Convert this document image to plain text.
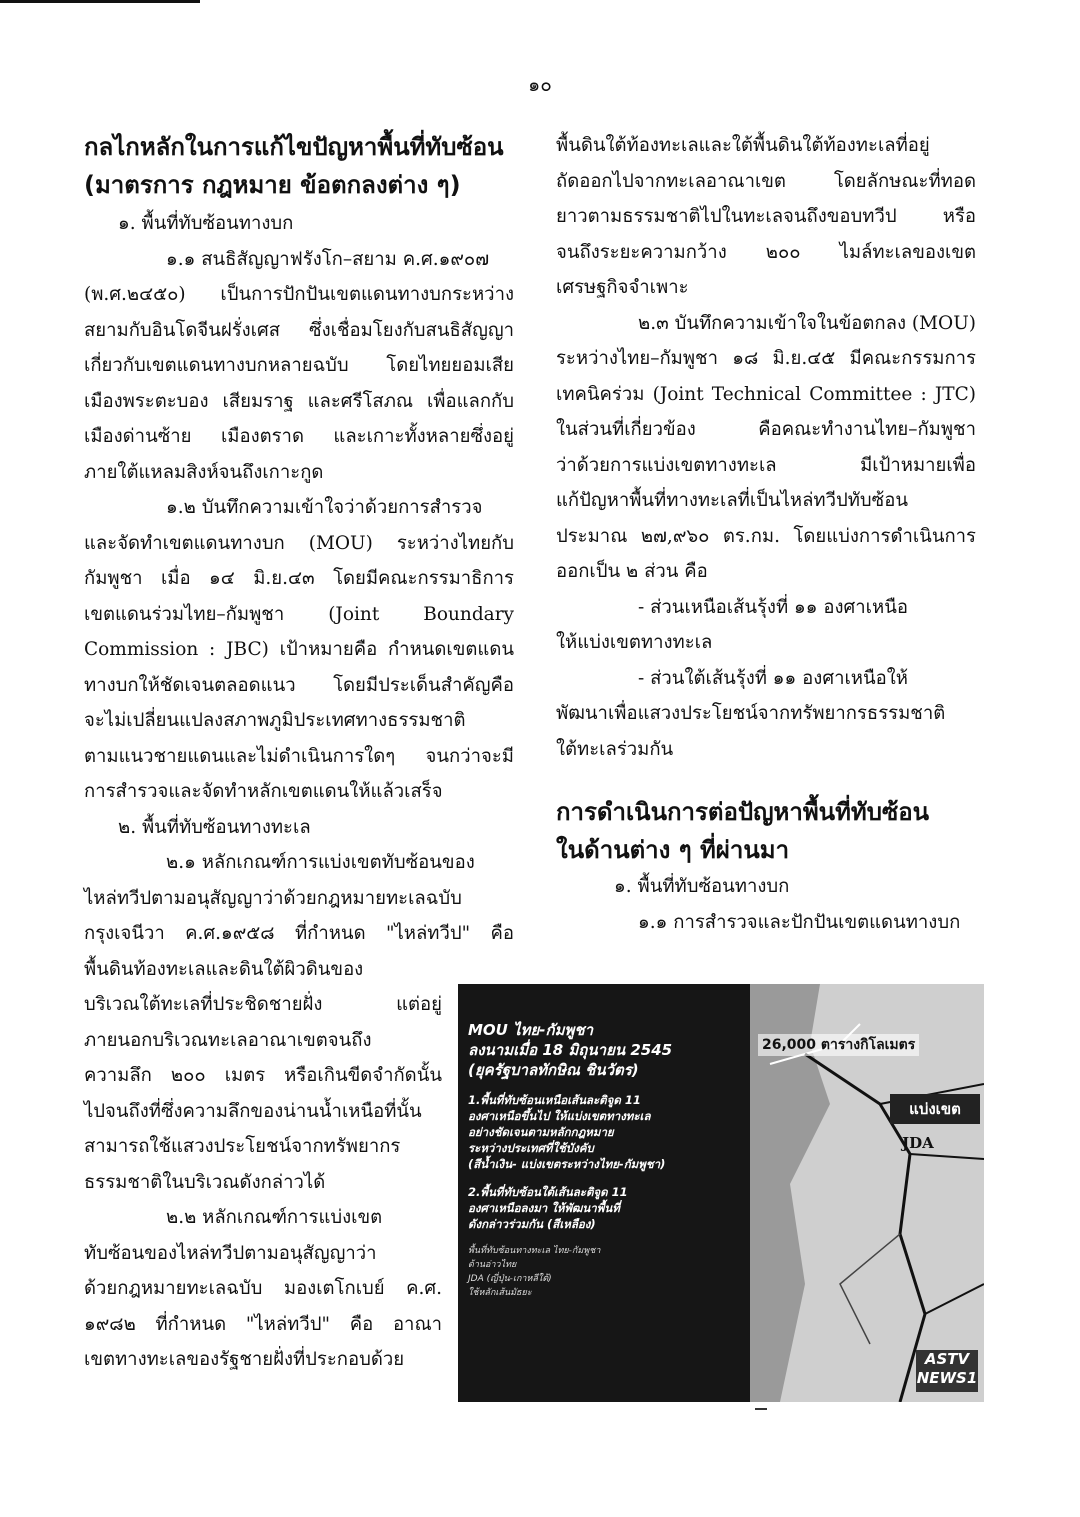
๑๐
กลไกหลักในการแก้ไขปัญหาพื้นที่ทับซ้อน
(มาตรการ กฎหมาย ข้อตกลงต่าง ๆ)
๑. พื้นที่ทับซ้อนทางบก
๑.๑ สนธิสัญญาฟรังโก–สยาม ค.ศ.๑๙๐๗
(พ.ศ.๒๔๕๐) เป็นการปักปันเขตแดนทางบกระหว่าง
สยามกับอินโดจีนฝรั่งเศส ซึ่งเชื่อมโยงกับสนธิสัญญา
เกี่ยวกับเขตแดนทางบกหลายฉบับ โดยไทยยอมเสีย
เมืองพระตะบอง เสียมราฐ และศรีโสภณ เพื่อแลกกับ
เมืองด่านซ้าย เมืองตราด และเกาะทั้งหลายซึ่งอยู่
ภายใต้แหลมสิงห์จนถึงเกาะกูด
๑.๒ บันทึกความเข้าใจว่าด้วยการสำรวจ
และจัดทำเขตแดนทางบก (MOU) ระหว่างไทยกับ
กัมพูชา เมื่อ ๑๔ มิ.ย.๔๓ โดยมีคณะกรรมาธิการ
เขตแดนร่วมไทย–กัมพูชา (Joint Boundary
Commission : JBC) เป้าหมายคือ กำหนดเขตแดน
ทางบกให้ชัดเจนตลอดแนว โดยมีประเด็นสำคัญคือ
จะไม่เปลี่ยนแปลงสภาพภูมิประเทศทางธรรมชาติ
ตามแนวชายแดนและไม่ดำเนินการใดๆ จนกว่าจะมี
การสำรวจและจัดทำหลักเขตแดนให้แล้วเสร็จ
๒. พื้นที่ทับซ้อนทางทะเล
๒.๑ หลักเกณฑ์การแบ่งเขตทับซ้อนของ
ไหล่ทวีปตามอนุสัญญาว่าด้วยกฎหมายทะเลฉบับ
กรุงเจนีวา ค.ศ.๑๙๕๘ ที่กำหนด "ไหล่ทวีป" คือ
พื้นดินท้องทะเลและดินใต้ผิวดินของ
บริเวณใต้ทะเลที่ประชิดชายฝั่ง แต่อยู่
ภายนอกบริเวณทะเลอาณาเขตจนถึง
ความลึก ๒๐๐ เมตร หรือเกินขีดจำกัดนั้น
ไปจนถึงที่ซึ่งความลึกของน่านน้ำเหนือที่นั้น
สามารถใช้แสวงประโยชน์จากทรัพยากร
ธรรมชาติในบริเวณดังกล่าวได้
๒.๒ หลักเกณฑ์การแบ่งเขต
ทับซ้อนของไหล่ทวีปตามอนุสัญญาว่า
ด้วยกฎหมายทะเลฉบับ มองเตโกเบย์ ค.ศ.
๑๙๘๒ ที่กำหนด "ไหล่ทวีป" คือ อาณา
เขตทางทะเลของรัฐชายฝั่งที่ประกอบด้วย
พื้นดินใต้ท้องทะเลและใต้พื้นดินใต้ท้องทะเลที่อยู่
ถัดออกไปจากทะเลอาณาเขต โดยลักษณะที่ทอด
ยาวตามธรรมชาติไปในทะเลจนถึงขอบทวีป หรือ
จนถึงระยะความกว้าง ๒๐๐ ไมล์ทะเลของเขต
เศรษฐกิจจำเพาะ
๒.๓ บันทึกความเข้าใจในข้อตกลง (MOU)
ระหว่างไทย–กัมพูชา ๑๘ มิ.ย.๔๕ มีคณะกรรมการ
เทคนิคร่วม (Joint Technical Committee : JTC)
ในส่วนที่เกี่ยวข้อง คือคณะทำงานไทย–กัมพูชา
ว่าด้วยการแบ่งเขตทางทะเล มีเป้าหมายเพื่อ
แก้ปัญหาพื้นที่ทางทะเลที่เป็นไหล่ทวีปทับซ้อน
ประมาณ ๒๗,๙๖๐ ตร.กม. โดยแบ่งการดำเนินการ
ออกเป็น ๒ ส่วน คือ
- ส่วนเหนือเส้นรุ้งที่ ๑๑ องศาเหนือ
ให้แบ่งเขตทางทะเล
- ส่วนใต้เส้นรุ้งที่ ๑๑ องศาเหนือให้
พัฒนาเพื่อแสวงประโยชน์จากทรัพยากรธรรมชาติ
ใต้ทะเลร่วมกัน
การดำเนินการต่อปัญหาพื้นที่ทับซ้อน
ในด้านต่าง ๆ ที่ผ่านมา
๑. พื้นที่ทับซ้อนทางบก
๑.๑ การสำรวจและปักปันเขตแดนทางบก
MOU ไทย-กัมพูชา
ลงนามเมื่อ 18 มิถุนายน 2545
(ยุครัฐบาลทักษิณ ชินวัตร)
1.พื้นที่ทับซ้อนเหนือเส้นละติจูด 11
องศาเหนือขึ้นไป ให้แบ่งเขตทางทะเล
อย่างชัดเจนตามหลักกฎหมาย
ระหว่างประเทศที่ใช้บังคับ
(สีน้ำเงิน- แบ่งเขตระหว่างไทย-กัมพูชา)
2.พื้นที่ทับซ้อนใต้เส้นละติจูด 11
องศาเหนือลงมา ให้พัฒนาพื้นที่
ดังกล่าวร่วมกัน (สีเหลือง)
พื้นที่ทับซ้อนทางทะเล ไทย-กัมพูชา
ด้านอ่าวไทย
JDA (ญี่ปุ่น-เกาหลีใต้)
ใช้หลักเส้นมัธยะ
26,000 ตารางกิโลเมตร
แบ่งเขต
JDA
ASTV
NEWS1
